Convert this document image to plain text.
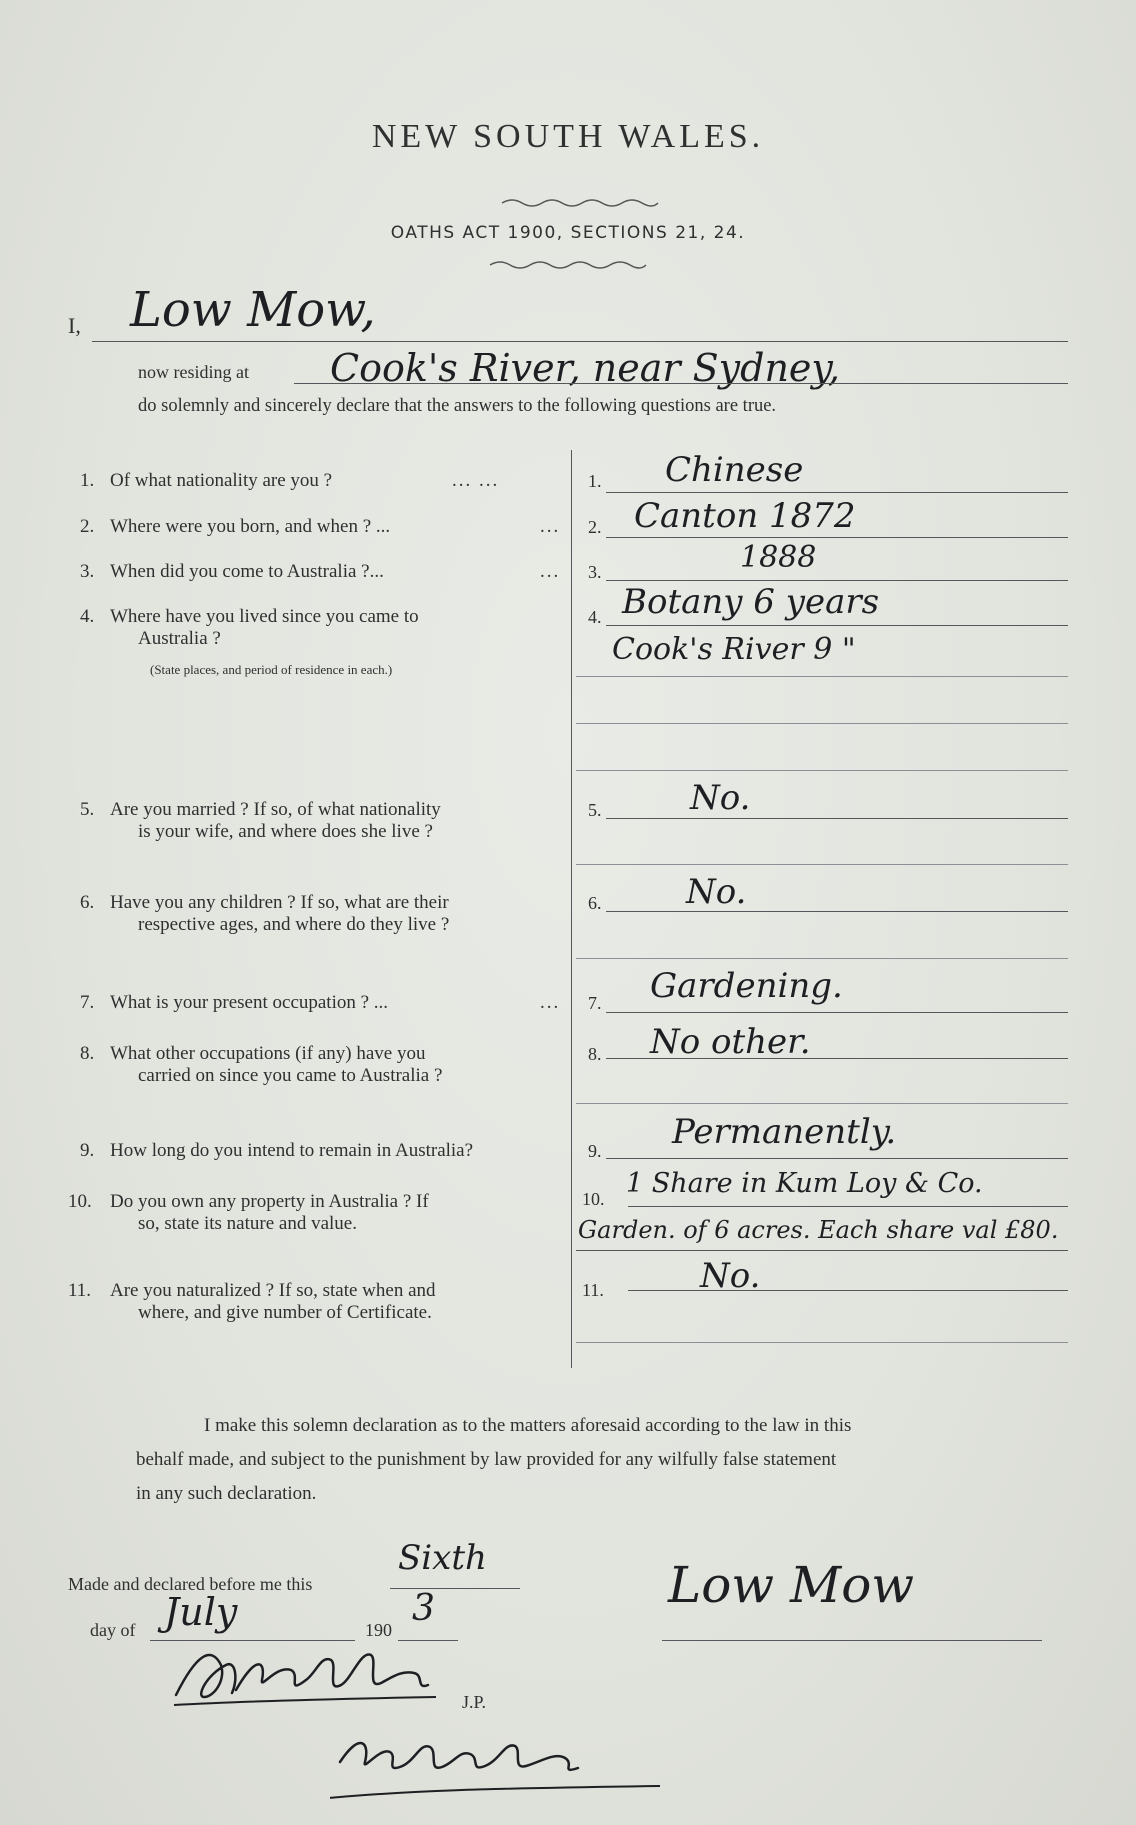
NEW SOUTH WALES.
OATHS ACT 1900, SECTIONS 21, 24.
I, Low Mow,
now residing at Cook's River, near Sydney,
do solemnly and sincerely declare that the answers to the following questions are true.
1. Of what nationality are you ?	... ...	1. Chinese
2. Where were you born, and when ? ...	... 2. Canton 1872
3. When did you come to Australia ?...	... 3.	1888
4. Where have you lived since you came to
Australia ?
(State places, and period of residence in each.)
4. Botany 6 years
Cook's River 9 "
5. Are you married ? If so, of what nationality
is your wife, and where does she live ?
5.	No.
6. Have you any children ? If so, what are their
respective ages, and where do they live ?
6. No.
7. What is your present occupation ? ...	... 7. Gardening.
8. What other occupations (if any) have you
carried on since you came to Australia ?
8. No other.
9. How long do you intend to remain in Australia?	9. Permanently.
10. Do you own any property in Australia ? If
so, state its nature and value.
10. 1 Share in Kum Loy & Co.
Garden. of 6 acres. Each share val £80.
11. Are you naturalized ? If so, state when and
where, and give number of Certificate.
11.	No.
I make this solemn declaration as to the matters aforesaid according to the law in this
behalf made, and subject to the punishment by law provided for any wilfully false statement
in any such declaration.
Made and declared before me this
Sixth
day of July	190
3	Low Mow
J.P.
